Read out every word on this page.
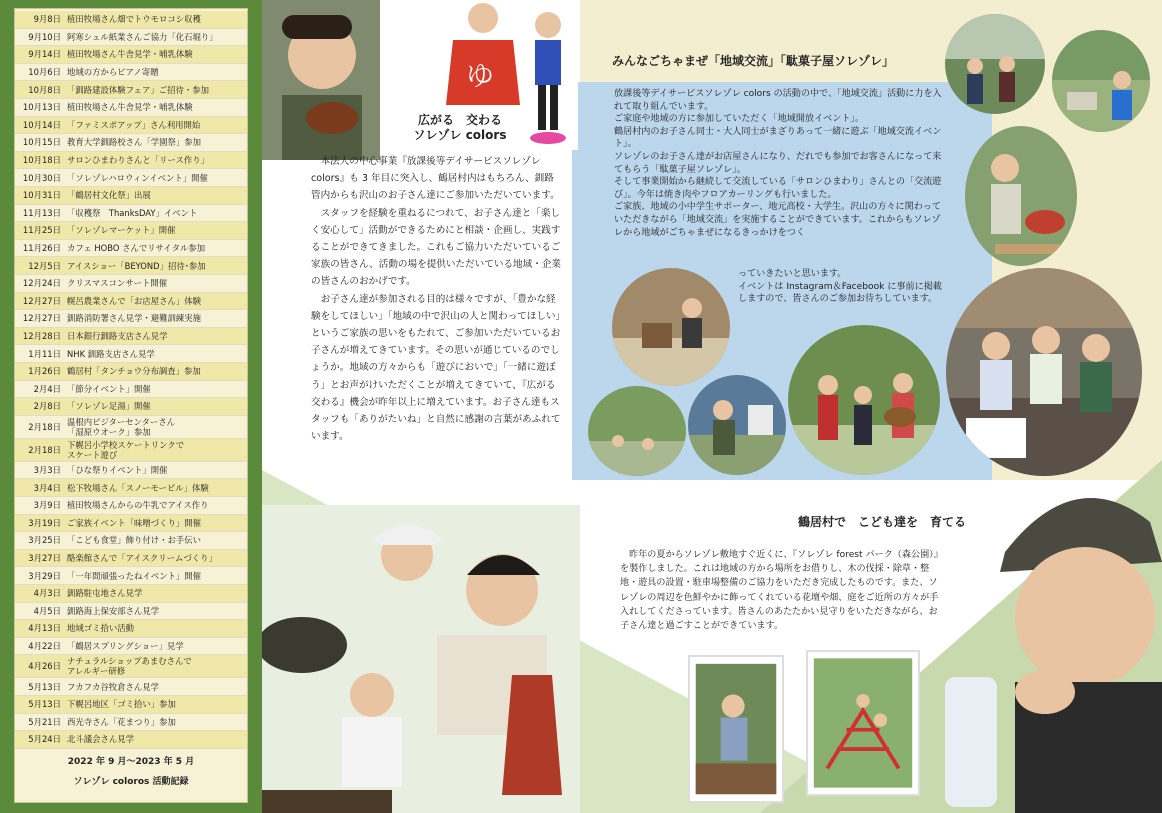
9月8日 植田牧場さん畑でトウモロコシ収穫
9月10日 阿寒シェル紙業さんご協力「化石堀り」
9月14日 植田牧場さん牛舎見学・哺乳体験
10月6日 地域の方からピアノ寄贈
10月8日 「釧路建設体験フェア」ご招待・参加
10月13日 植田牧場さん牛舎見学・哺乳体験
10月14日 「ファミスポアップ」さん利用開始
10月15日 教育大学釧路校さん「学園祭」参加
10月18日 サロンひまわりさんと「リース作り」
10月30日 「ソレゾレハロウィンイベント」開催
10月31日 「鶴居村文化祭」出展
11月13日 「収穫祭　ThanksDAY」イベント
11月25日 「ソレゾレマーケット」開催
11月26日 カフェ HOBO さんでリサイタル参加
12月5日 アイスショー「BEYOND」招待･参加
12月24日 クリスマスコンサート開催
12月27日 幌呂農業さんで「お店屋さん」体験
12月27日 釧路消防署さん見学・避難訓練実施
12月28日 日本銀行釧路支店さん見学
1月11日 NHK 釧路支店さん見学
1月26日 鶴居村「タンチョウ分布調査」参加
2月4日 「節分イベント」開催
2月8日 「ソレゾレ足湯」開催
2月18日 温根内ビジターセンターさん
「湿原ウオーク」参加
2月18日 下幌呂小学校スケートリンクで
スケート遊び
3月3日 「ひな祭りイベント」開催
3月4日 松下牧場さん「スノーモービル」体験
3月9日 植田牧場さんからの牛乳でアイス作り
3月19日 ご家族イベント「味噌づくり」開催
3月25日 「こども食堂」飾り付け・お手伝い
3月27日 酪楽館さんで「アイスクリームづくり」
3月29日 「一年間頑張ったねイベント」開催
4月3日 釧路駐屯地さん見学
4月5日 釧路海上保安部さん見学
4月13日 地域ゴミ拾い活動
4月22日 「鶴居スプリングショー」見学
4月26日 ナチュラルショップあまむさんで
アレルギー研修
5月13日 フカフカ谷牧倉さん見学
5月13日 下幌呂地区「ゴミ拾い」参加
5月21日 西光寺さん「花まつり」参加
5月24日 北斗議会さん見学
2022 年 9 月～2023 年 5 月
ソレゾレ coloros 活動記録
ゆ
広がる　交わる
ソレゾレ colors
　本法人の中心事業『放課後等デイサービスソレゾレ colors』も 3 年目に突入し、鶴居村内はもちろん、釧路管内からも沢山のお子さん達にご参加いただいています。
　スタッフを経験を重ねるにつれて、お子さん達と「楽しく安心して」活動ができるためにと相談・企画し、実践することができてきました。これもご協力いただいているご家族の皆さん、活動の場を提供いただいている地域・企業の皆さんのおかげです。
　お子さん達が参加される目的は様々ですが、「豊かな経験をしてほしい」「地域の中で沢山の人と関わってほしい」というご家族の思いをもたれて、ご参加いただいているお子さんが増えてきています。その思いが通じているのでしょうか。地域の方々からも「遊びにおいで」「一緒に遊ぼう」とお声がけいただくことが増えてきていて、『広がる　交わる』機会が昨年以上に増えています。お子さん達もスタッフも「ありがたいね」と自然に感謝の言葉があふれています。
みんなごちゃまぜ「地域交流」「駄菓子屋ソレゾレ」
放課後等デイサービスソレゾレ colors の活動の中で、「地域交流」活動に力を入れて取り組んでいます。
ご家庭や地域の方に参加していただく「地域開放イベント」。
鶴居村内のお子さん同士・大人同士がまざりあって一緒に遊ぶ「地域交流イベント」。
ソレゾレのお子さん達がお店屋さんになり、だれでも参加でお客さんになって来てもらう「駄菓子屋ソレゾレ」。
そして事業開始から継続して交流している「サロンひまわり」さんとの「交流遊び」。今年は焼き肉やフロアカーリングも行いました。
ご家族、地域の小中学生サポーター、地元高校・大学生。沢山の方々に関わっていただきながら「地域交流」を実施することができています。これからもソレゾレから地域がごちゃまぜになるきっかけをつく
っていきたいと思います。
イベントは Instagram＆Facebook に事前に掲載しますので、皆さんのご参加お待ちしています。
鶴居村で　こども達を　育てる
　昨年の夏からソレゾレ敷地すぐ近くに、『ソレゾレ forest パーク（森公園）』を製作しました。これは地域の方から場所をお借りし、木の伐採・除草・整地・遊具の設置・駐車場整備のご協力をいただき完成したものです。また、ソレゾレの周辺を色鮮やかに飾ってくれている花壇や畑、庭をご近所の方々が手入れしてくださっています。皆さんのあたたかい見守りをいただきながら、お子さん達と過ごすことができています。
